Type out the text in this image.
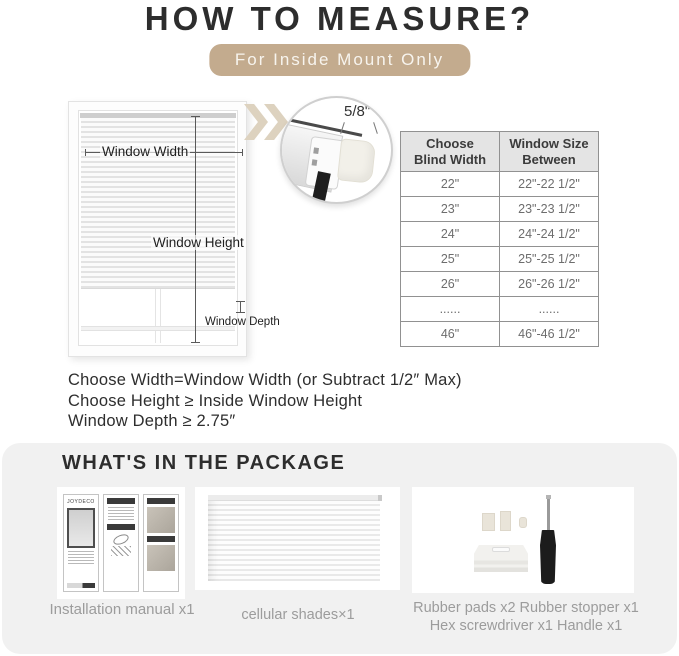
HOW TO MEASURE?
For Inside Mount Only
Window Width
Window Height
Window Depth
5/8"
Choose Blind Width	Window Size Between
22"	22"-22 1/2"
23"	23"-23 1/2"
24"	24"-24 1/2"
25"	25"-25 1/2"
26"	26"-26 1/2"
......	......
46"	46"-46 1/2"
Choose Width=Window Width (or Subtract 1/2″ Max)
Choose Height ≥ Inside Window Height
Window Depth ≥ 2.75″
WHAT'S IN THE PACKAGE
JOYDECO
Installation manual x1	cellular shades×1	Rubber pads x2 Rubber stopper x1
Hex screwdriver x1 Handle x1
